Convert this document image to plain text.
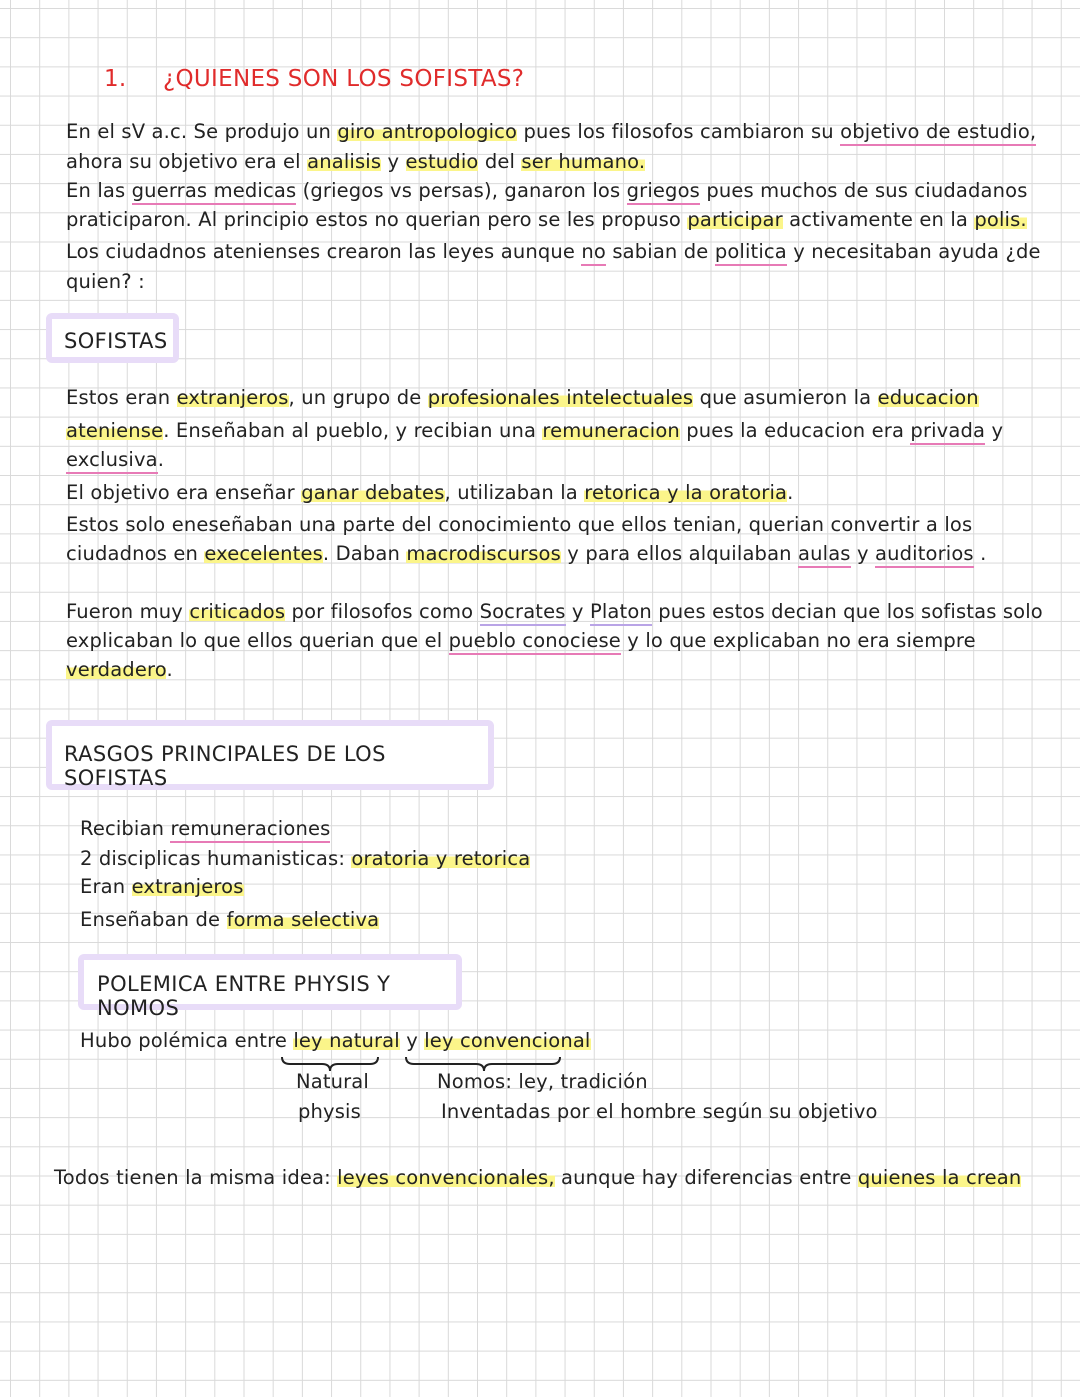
1. ¿QUIENES SON LOS SOFISTAS?
En el sV a.c. Se produjo un giro antropologico pues los filosofos cambiaron su objetivo de estudio,
ahora su objetivo era el analisis y estudio del ser humano.
En las guerras medicas (griegos vs persas), ganaron los griegos pues muchos de sus ciudadanos
praticiparon. Al principio estos no querian pero se les propuso participar activamente en la polis.
Los ciudadnos atenienses crearon las leyes aunque no sabian de politica y necesitaban ayuda ¿de
quien? :
SOFISTAS
Estos eran extranjeros, un grupo de profesionales intelectuales que asumieron la educacion
ateniense. Enseñaban al pueblo, y recibian una remuneracion pues la educacion era privada y
exclusiva.
El objetivo era enseñar ganar debates, utilizaban la retorica y la oratoria.
Estos solo eneseñaban una parte del conocimiento que ellos tenian, querian convertir a los
ciudadnos en execelentes. Daban macrodiscursos y para ellos alquilaban aulas y auditorios .
Fueron muy criticados por filosofos como Socrates y Platon pues estos decian que los sofistas solo
explicaban lo que ellos querian que el pueblo conociese y lo que explicaban no era siempre
verdadero.
RASGOS PRINCIPALES DE LOS SOFISTAS
Recibian remuneraciones
2 disciplicas humanisticas: oratoria y retorica
Eran extranjeros
Enseñaban de forma selectiva
POLEMICA ENTRE PHYSIS Y NOMOS
Hubo polémica entre ley natural y ley convencional
Natural
physis
Nomos: ley, tradición
Inventadas por el hombre según su objetivo
Todos tienen la misma idea: leyes convencionales, aunque hay diferencias entre quienes la crean
